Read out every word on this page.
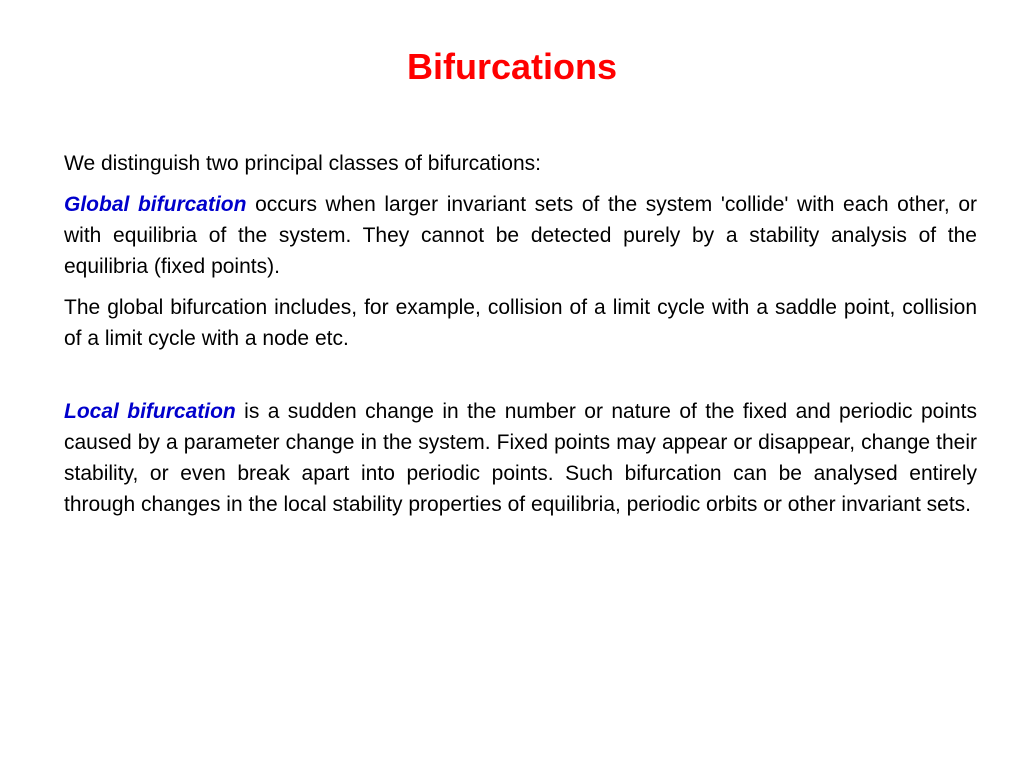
Bifurcations

We distinguish two principal classes of bifurcations:

Global bifurcation occurs when larger invariant sets of the system 'collide' with each other, or with equilibria of the system. They cannot be detected purely by a stability analysis of the equilibria (fixed points).

The global bifurcation includes, for example, collision of a limit cycle with a saddle point, collision of a limit cycle with a node etc.

Local bifurcation is a sudden change in the number or nature of the fixed and periodic points caused by a parameter change in the system. Fixed points may appear or disappear, change their stability, or even break apart into periodic points. Such bifurcation can be analysed entirely through changes in the local stability properties of equilibria, periodic orbits or other invariant sets.
